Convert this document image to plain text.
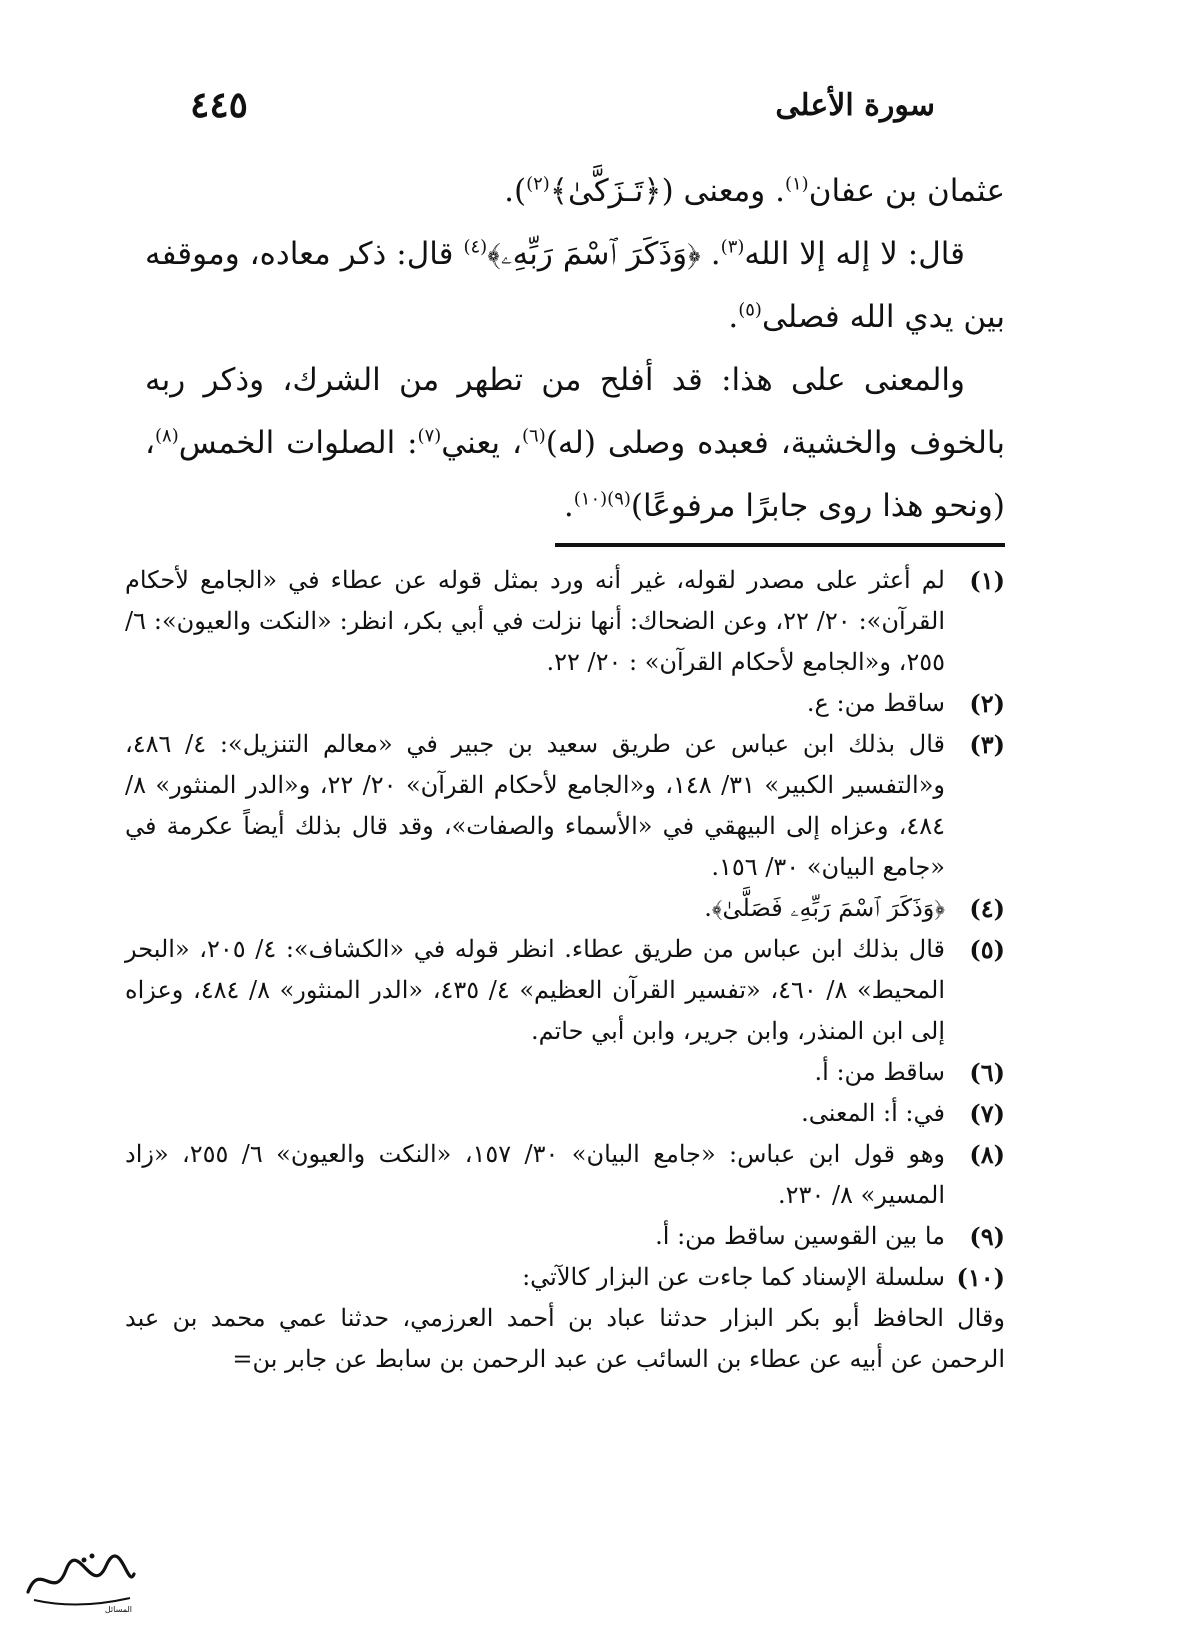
٤٤٥	سورة الأعلى

عثمان بن عفان$^{(١)}$. ومعنى (﴿تَـزَكَّىٰ﴾$^{(٢)}$).

قال: لا إله إلا الله$^{(٣)}$. ﴿وَذَكَرَ ٱسْمَ رَبِّهِۦ﴾$^{(٤)}$ قال: ذكر معاده، وموقفه بين يدي الله فصلى$^{(٥)}$.

والمعنى على هذا: قد أفلح من تطهر من الشرك، وذكر ربه بالخوف والخشية، فعبده وصلى (له)$^{(٦)}$، يعني$^{(٧)}$: الصلوات الخمس$^{(٨)}$، (ونحو هذا روى جابرًا مرفوعًا)$^{(٩)(١٠)}$.

(١)
لم أعثر على مصدر لقوله، غير أنه ورد بمثل قوله عن عطاء في «الجامع لأحكام القرآن»: ٢٠/ ٢٢، وعن الضحاك: أنها نزلت في أبي بكر، انظر: «النكت والعيون»: ٦/ ٢٥٥، و«الجامع لأحكام القرآن» : ٢٠/ ٢٢.

(٢)
ساقط من: ع.

(٣)
قال بذلك ابن عباس عن طريق سعيد بن جبير في «معالم التنزيل»: ٤/ ٤٨٦، و«التفسير الكبير» ٣١/ ١٤٨، و«الجامع لأحكام القرآن» ٢٠/ ٢٢، و«الدر المنثور» ٨/ ٤٨٤، وعزاه إلى البيهقي في «الأسماء والصفات»، وقد قال بذلك أيضاً عكرمة في «جامع البيان» ٣٠/ ١٥٦.

(٤)
﴿وَذَكَرَ ٱسْمَ رَبِّهِۦ فَصَلَّىٰ﴾.

(٥)
قال بذلك ابن عباس من طريق عطاء. انظر قوله في «الكشاف»: ٤/ ٢٠٥، «البحر المحيط» ٨/ ٤٦٠، «تفسير القرآن العظيم» ٤/ ٤٣٥، «الدر المنثور» ٨/ ٤٨٤، وعزاه إلى ابن المنذر، وابن جرير، وابن أبي حاتم.

(٦)
ساقط من: أ.

(٧)
في: أ: المعنى.

(٨)
وهو قول ابن عباس: «جامع البيان» ٣٠/ ١٥٧، «النكت والعيون» ٦/ ٢٥٥، «زاد المسير» ٨/ ٢٣٠.

(٩)
ما بين القوسين ساقط من: أ.

(١٠)
سلسلة الإسناد كما جاءت عن البزار كالآتي:

وقال الحافظ أبو بكر البزار حدثنا عباد بن أحمد العرزمي، حدثنا عمي محمد بن عبد الرحمن عن أبيه عن عطاء بن السائب عن عبد الرحمن بن سابط عن جابر بن=

المسائل
